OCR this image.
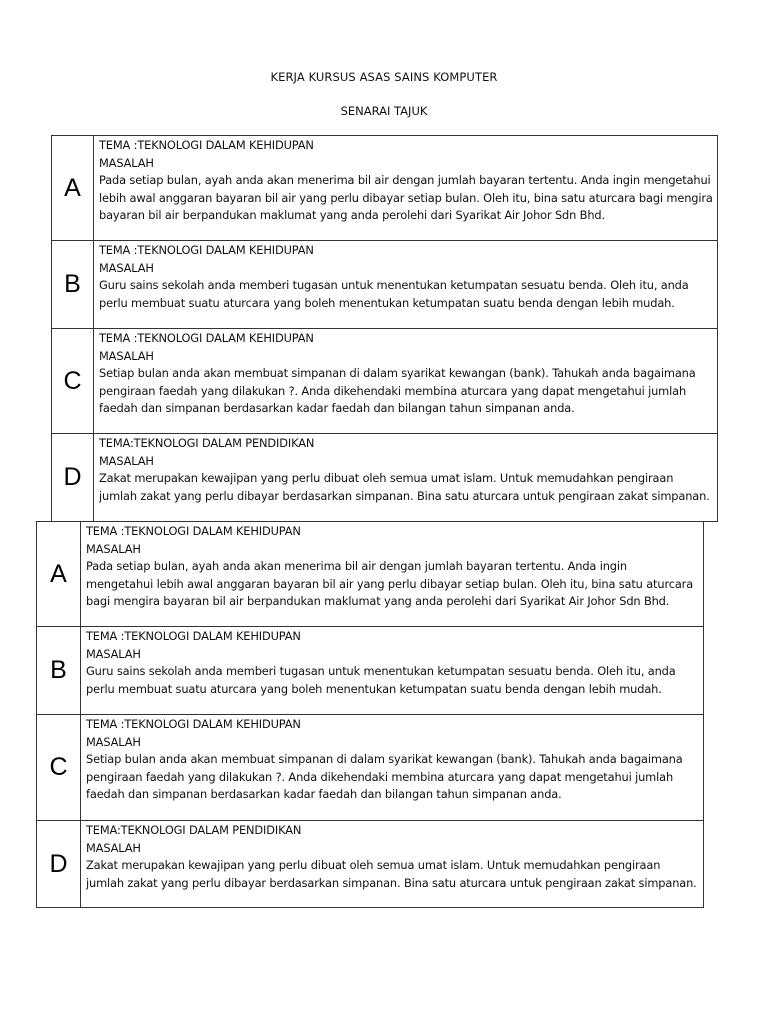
KERJA KURSUS ASAS SAINS KOMPUTER
SENARAI TAJUK
A	TEMA :TEKNOLOGI DALAM KEHIDUPAN
MASALAH
Pada setiap bulan, ayah anda akan menerima bil air dengan jumlah bayaran tertentu. Anda ingin mengetahui
lebih awal anggaran bayaran bil air yang perlu dibayar setiap bulan. Oleh itu, bina satu aturcara bagi mengira
bayaran bil air berpandukan maklumat yang anda perolehi dari Syarikat Air Johor Sdn Bhd.

B	TEMA :TEKNOLOGI DALAM KEHIDUPAN
MASALAH
Guru sains sekolah anda memberi tugasan untuk menentukan ketumpatan sesuatu benda. Oleh itu, anda
perlu membuat suatu aturcara yang boleh menentukan ketumpatan suatu benda dengan lebih mudah.

C	TEMA :TEKNOLOGI DALAM KEHIDUPAN
MASALAH
Setiap bulan anda akan membuat simpanan di dalam syarikat kewangan (bank). Tahukah anda bagaimana
pengiraan faedah yang dilakukan ?. Anda dikehendaki membina aturcara yang dapat mengetahui jumlah
faedah dan simpanan berdasarkan kadar faedah dan bilangan tahun simpanan anda.

D	TEMA:TEKNOLOGI DALAM PENDIDIKAN
MASALAH
Zakat merupakan kewajipan yang perlu dibuat oleh semua umat islam. Untuk memudahkan pengiraan
jumlah zakat yang perlu dibayar berdasarkan simpanan. Bina satu aturcara untuk pengiraan zakat simpanan.
A	TEMA :TEKNOLOGI DALAM KEHIDUPAN
MASALAH
Pada setiap bulan, ayah anda akan menerima bil air dengan jumlah bayaran tertentu. Anda ingin
mengetahui lebih awal anggaran bayaran bil air yang perlu dibayar setiap bulan. Oleh itu, bina satu aturcara
bagi mengira bayaran bil air berpandukan maklumat yang anda perolehi dari Syarikat Air Johor Sdn Bhd.

B	TEMA :TEKNOLOGI DALAM KEHIDUPAN
MASALAH
Guru sains sekolah anda memberi tugasan untuk menentukan ketumpatan sesuatu benda. Oleh itu, anda
perlu membuat suatu aturcara yang boleh menentukan ketumpatan suatu benda dengan lebih mudah.

C	TEMA :TEKNOLOGI DALAM KEHIDUPAN
MASALAH
Setiap bulan anda akan membuat simpanan di dalam syarikat kewangan (bank). Tahukah anda bagaimana
pengiraan faedah yang dilakukan ?. Anda dikehendaki membina aturcara yang dapat mengetahui jumlah
faedah dan simpanan berdasarkan kadar faedah dan bilangan tahun simpanan anda.

D	TEMA:TEKNOLOGI DALAM PENDIDIKAN
MASALAH
Zakat merupakan kewajipan yang perlu dibuat oleh semua umat islam. Untuk memudahkan pengiraan
jumlah zakat yang perlu dibayar berdasarkan simpanan. Bina satu aturcara untuk pengiraan zakat simpanan.
